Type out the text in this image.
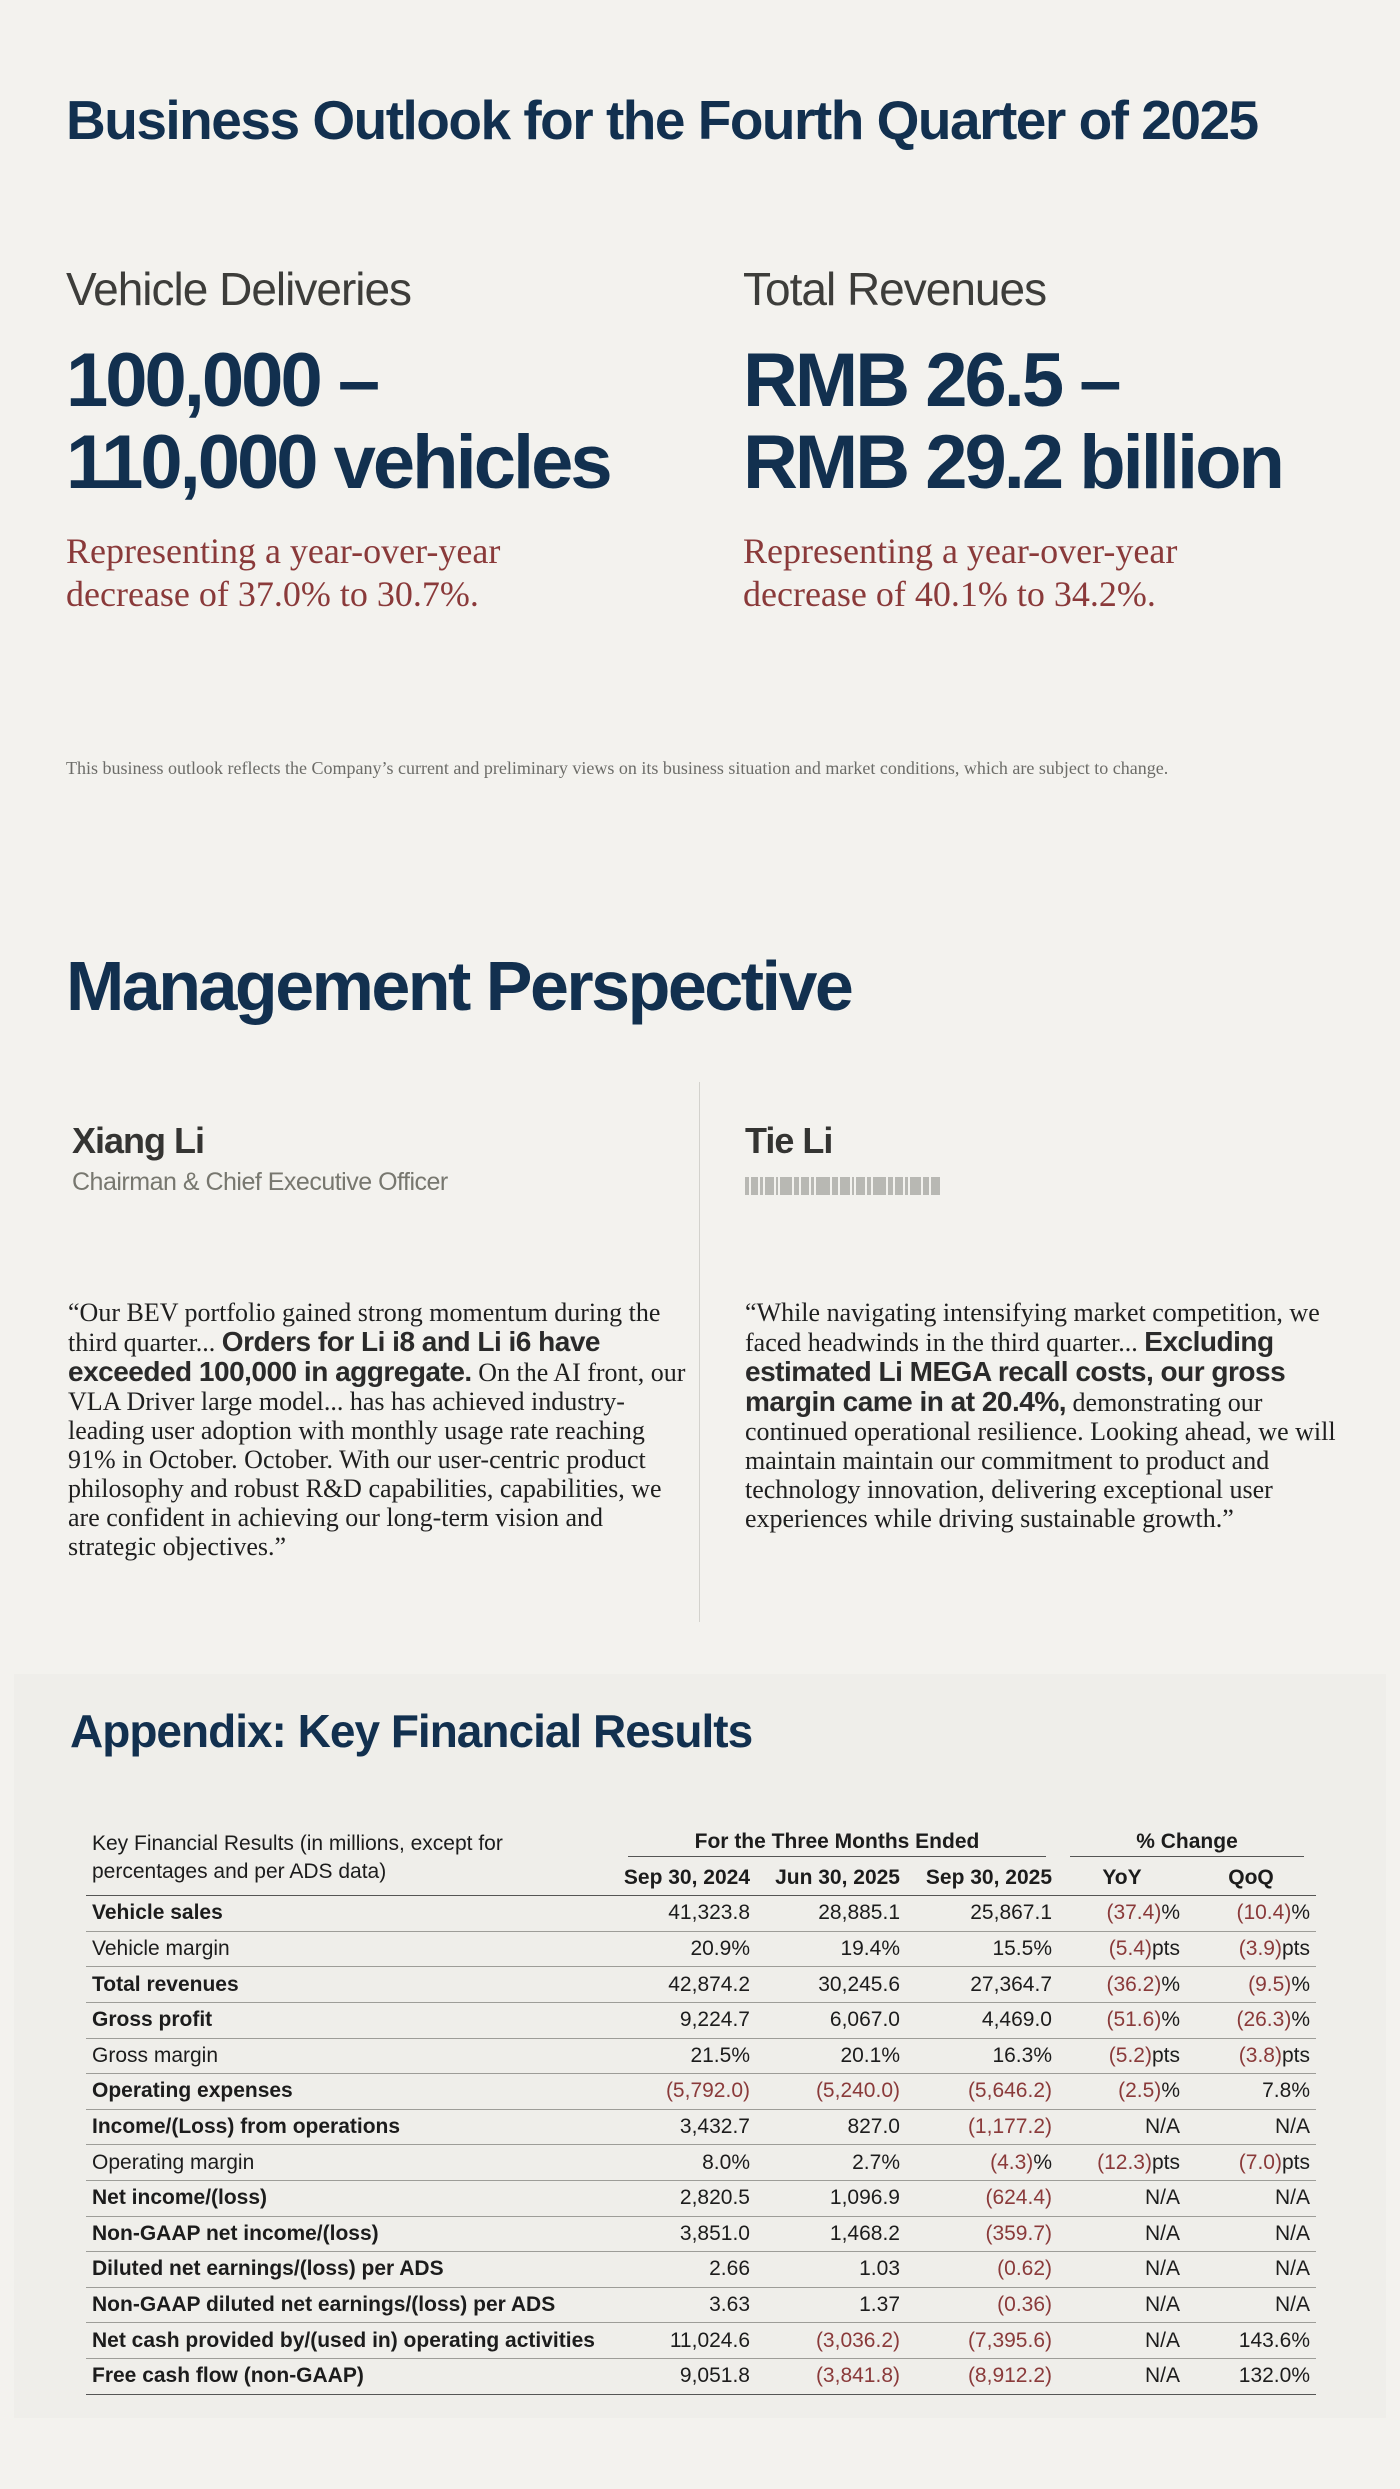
Business Outlook for the Fourth Quarter of 2025
Vehicle Deliveries
100,000 –
110,000 vehicles
Representing a year-over-year
decrease of 37.0% to 30.7%.
Total Revenues
RMB 26.5 –
RMB 29.2 billion
Representing a year-over-year
decrease of 40.1% to 34.2%.
This business outlook reflects the Company’s current and preliminary views on its business situation and market conditions, which are subject to change.
Management Perspective
Xiang Li
Chairman & Chief Executive Officer
Tie Li
“Our BEV portfolio gained strong momentum during the third quarter... Orders for Li i8 and Li i6 have exceeded 100,000 in aggregate. On the AI front, our VLA Driver large model... has has achieved industry-leading user adoption with monthly usage rate reaching 91% in October. October. With our user-centric product philosophy and robust R&D capabilities, capabilities, we are confident in achieving our long-term vision and strategic objectives.”
“While navigating intensifying market competition, we faced headwinds in the third quarter... Excluding estimated Li MEGA recall costs, our gross margin came in at 20.4%, demonstrating our continued operational resilience. Looking ahead, we will maintain maintain our commitment to product and technology innovation, delivering exceptional user experiences while driving sustainable growth.”
Appendix: Key Financial Results
Key Financial Results (in millions, except for percentages and per ADS data)	For the Three Months Ended			% Change	

	Sep 30, 2024	Jun 30, 2025	Sep 30, 2025	YoY	QoQ
Vehicle sales	41,323.8	28,885.1	25,867.1	(37.4)%	(10.4)%
Vehicle margin	20.9%	19.4%	15.5%	(5.4)pts	(3.9)pts
Total revenues	42,874.2	30,245.6	27,364.7	(36.2)%	(9.5)%
Gross profit	9,224.7	6,067.0	4,469.0	(51.6)%	(26.3)%
Gross margin	21.5%	20.1%	16.3%	(5.2)pts	(3.8)pts
Operating expenses	(5,792.0)	(5,240.0)	(5,646.2)	(2.5)%	7.8%
Income/(Loss) from operations	3,432.7	827.0	(1,177.2)	N/A	N/A
Operating margin	8.0%	2.7%	(4.3)%	(12.3)pts	(7.0)pts
Net income/(loss)	2,820.5	1,096.9	(624.4)	N/A	N/A
Non-GAAP net income/(loss)	3,851.0	1,468.2	(359.7)	N/A	N/A
Diluted net earnings/(loss) per ADS	2.66	1.03	(0.62)	N/A	N/A
Non-GAAP diluted net earnings/(loss) per ADS	3.63	1.37	(0.36)	N/A	N/A
Net cash provided by/(used in) operating activities	11,024.6	(3,036.2)	(7,395.6)	N/A	143.6%
Free cash flow (non-GAAP)	9,051.8	(3,841.8)	(8,912.2)	N/A	132.0%
